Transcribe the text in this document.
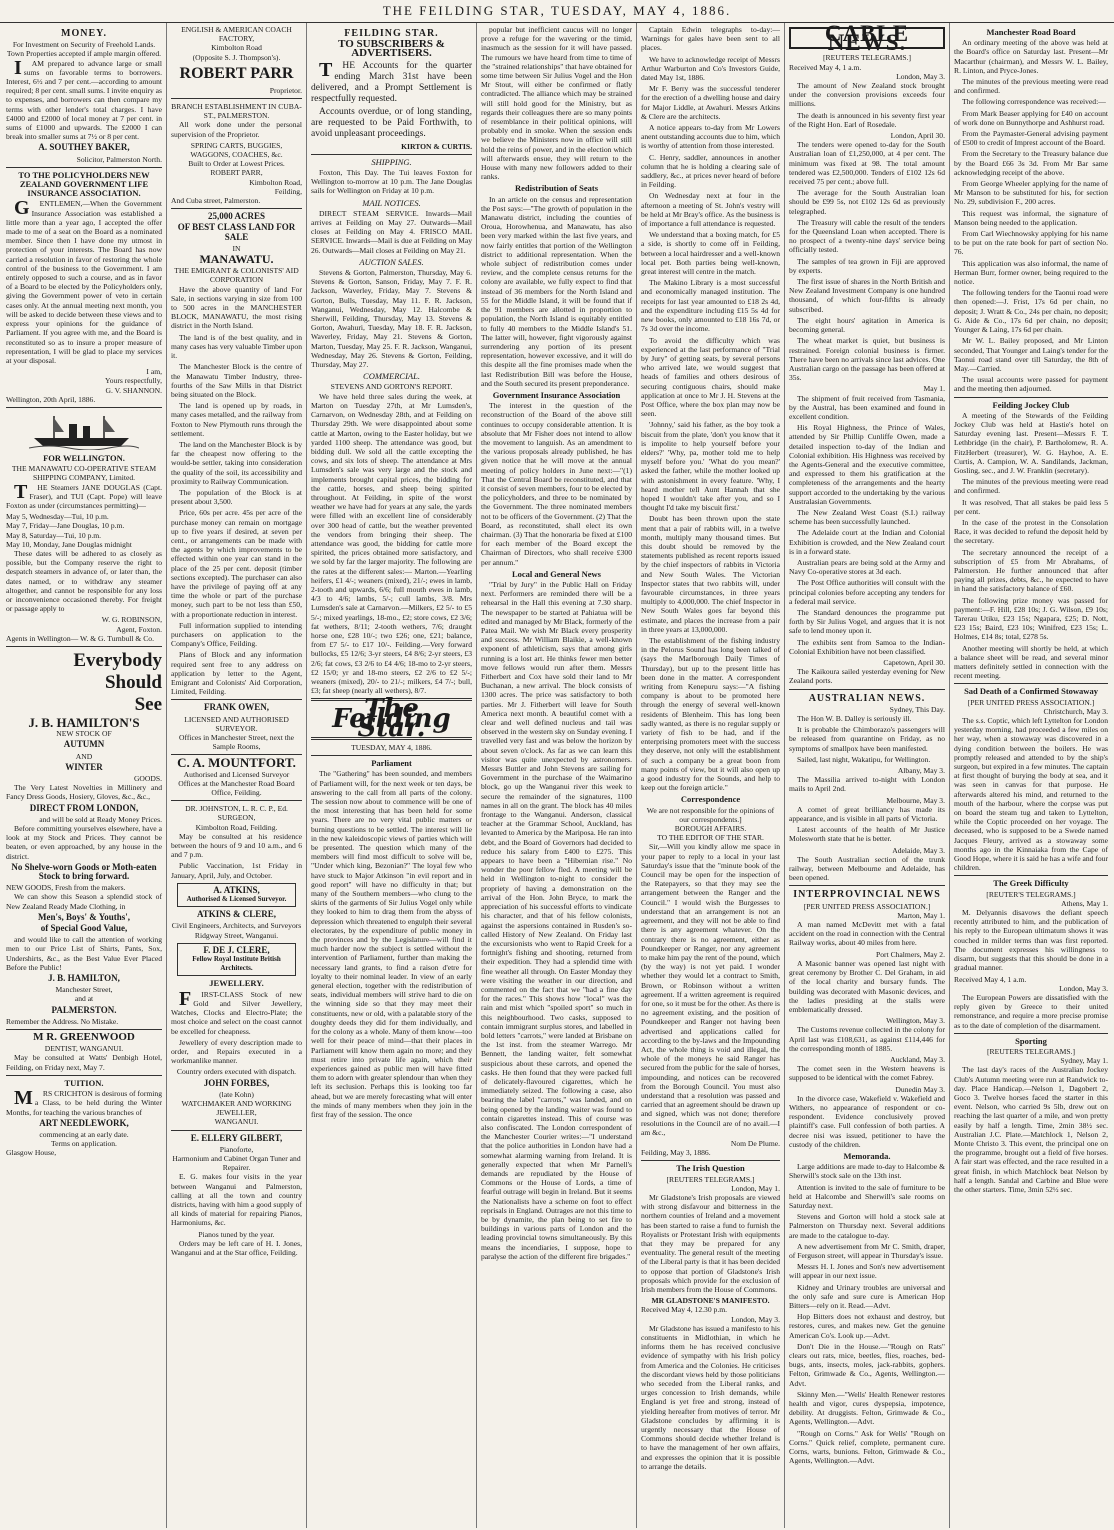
THE FEILDING STAR, TUESDAY, MAY 4, 1886.
MONEY.
For Investment on Security of Freehold Lands.
Town Properties accepted if ample margin offered.

I AM prepared to advance large or small sums on favorable terms to borrowers. Interest, 6½ and 7 per cent.—according to amount required; 8 per cent. small sums. I invite enquiry as to expenses, and borrowers can then compare my terms with other lender's total charges. I have £4000 and £2000 of local money at 7 per cent. in sums of £1000 and upwards. The £2000 I can break into smaller sums at 7½ or 8 per cent.

A. SOUTHEY BAKER,
Solicitor, Palmerston North.
TO THE POLICYHOLDERS NEW ZEALAND GOVERNMENT LIFE INSURANCE ASSOCIATION.

G ENTLEMEN,—When the Government Insurance Association was established a little more than a year ago, I accepted the offer made to me of a seat on the Board as a nominated member. Since then I have done my utmost in protection of your interests. The Board has now carried a resolution in favor of restoring the whole control of the business to the Government. I am entirely opposed to such a course, and as in favor of a Board to be elected by the Policyholders only, giving the Government power of veto in certain cases only. At the annual meeting next month, you will be asked to decide between these views and to express your opinions for the guidance of Parliament. If you agree with me, and the Board is reconstituted so as to insure a proper measure of representation, I will be glad to place my services at your disposal.

I am,
Yours respectfully,
G. V. SHANNON.
Wellington, 20th April, 1886.
FOR WELLINGTON.
THE MANAWATU CO-OPERATIVE STEAM SHIPPING COMPANY, Limited.

T HE Steamers JANE DOUGLAS (Capt. Fraser), and TUI (Capt. Pope) will leave Foxton as under (circumstances permitting)—

May 5, Wednesday—Tui, 10 p.m.
May 7, Friday—Jane Douglas, 10 p.m.
May 8, Saturday—Tui, 10 p.m.
May 10, Monday, Jane Douglas midnight

These dates will be adhered to as closely as possible, but the Company reserve the right to despatch steamers in advance of, or later than, the dates named, or to withdraw any steamer altogether, and cannot be responsible for any loss or inconvenience occasioned thereby. For freight or passage apply to

W. G. ROBINSON,
Agent, Foxton.
Agents in Wellington— W. & G. Turnbull & Co.
Everybody
Should
See
J. B. HAMILTON'S
NEW STOCK OF
AUTUMN
AND
WINTER
GOODS.

The Very Latest Novelties in Millinery and Fancy Dress Goods, Hosiery, Gloves, &c., &c.,

DIRECT FROM LONDON,
and will be sold at Ready Money Prices.

Before committing yourselves elsewhere, have a look at my Stock and Prices. They cannot be beaten, or even approached, by any house in the district.

No Shelve-worn Goods or Moth-eaten Stock to bring forward.
NEW GOODS, Fresh from the makers.

We can show this Season a splendid stock of New Zealand Ready Made Clothing, in

Men's, Boys' & Youths',
of Special Good Value,

and would like to call the attention of working men to our Price List of Shirts, Pants, Sox, Undershirts, &c., as the Best Value Ever Placed Before the Public!

J. B. HAMILTON,
Manchester Street,
and at
PALMERSTON.
Remember the Address. No Mistake.
M R. GREENWOOD
DENTIST, WANGANUI.

May be consulted at Watts' Denbigh Hotel, Feilding, on Friday next, May 7.

TUITION.

M RS CRICHTON is desirous of forming a Class, to be held during the Winter Months, for teaching the various branches of

ART NEEDLEWORK,
commencing at an early date.
Terms on application.
Glasgow House,
ENGLISH & AMERICAN COACH FACTORY,
Kimbolton Road
(Opposite S. J. Thompson's).
ROBERT PARR
Proprietor.
BRANCH ESTABLISHMENT IN CUBA-ST., PALMERSTON.

All work done under the personal supervision of the Proprietor.

SPRING CARTS, BUGGIES, WAGGONS, COACHES, &c.
Built to Order at Lowest Prices.
ROBERT PARR,
Kimbolton Road,
Feilding,
And Cuba street, Palmerston.
25,000 ACRES
OF BEST CLASS LAND FOR SALE
IN
MANAWATU.
THE EMIGRANT & COLONISTS' AID CORPORATION

Have the above quantity of land For Sale, in sections varying in size from 100 to 500 acres in the MANCHESTER BLOCK, MANAWATU, the most rising district in the North Island.

The land is of the best quality, and in many cases has very valuable Timber upon it.

The Manchester Block is the centre of the Manawatu Timber Industry, three-fourths of the Saw Mills in that District being situated on the Block.

The land is opened up by roads, in many cases metalled, and the railway from Foxton to New Plymouth runs through the settlement.

The land on the Manchester Block is by far the cheapest now offering to the would-be settler, taking into consideration the quality of the soil, its accessibility and proximity to Railway Communication.

The population of the Block is at present about 3,500.

Price, 60s per acre. 45s per acre of the purchase money can remain on mortgage up to five years if desired, at seven per cent., or arrangements can be made with the agents by which improvements to be effected within one year can stand in the place of the 25 per cent. deposit (timber sections excepted). The purchaser can also have the privilege of paying off at any time the whole or part of the purchase money, such part to be not less than £50, with a proportionate reduction in interest.

Full information supplied to intending purchasers on application to the Company's Office, Feilding.

Plans of Block and any information required sent free to any address on application by letter to the Agent, Emigrant and Colonists' Aid Corporation, Limited, Feilding.

FRANK OWEN,
LICENSED AND AUTHORISED SURVEYOR.
Offices in Manchester Street, next the Sample Rooms,
C. A. MOUNTFORT.
Authorised and Licensed Surveyor
Offices at the Manchester Road Board Office, Feilding.
DR. JOHNSTON, L. R. C. P., Ed. SURGEON,
Kimbolton Road, Feilding.

May be consulted at his residence between the hours of 9 and 10 a.m., and 6 and 7 p.m.

Public Vaccination, 1st Friday in January, April, July, and October.

A. ATKINS,
Authorised & Licensed Surveyor.
ATKINS & CLERE,
Civil Engineers, Architects, and Surveyors
Ridgway Street, Wanganui.
F. DE J. CLERE,
Fellow Royal Institute British Architects.
JEWELLERY.

F IRST-CLASS Stock of new Gold and Silver Jewellery, Watches, Clocks and Electro-Plate; the most choice and select on the coast cannot be excelled for cheapness.

Jewellery of every description made to order, and Repairs executed in a workmanlike manner.

Country orders executed with dispatch.
JOHN FORBES,
(late Kohn)
WATCHMAKER AND WORKING JEWELLER,
WANGANUI.
E. ELLERY GILBERT,
Pianoforte,
Harmonium and Cabinet Organ Tuner and Repairer.

E. G. makes four visits in the year between Wanganui and Palmerston, calling at all the town and country districts, having with him a good supply of all kinds of material for repairing Pianos, Harmoniums, &c.

Pianos tuned by the year.

Orders may be left care of H. I. Jones, Wanganui and at the Star office, Feilding.

FEILDING STAR.
TO SUBSCRIBERS & ADVERTISERS.

T HE Accounts for the quarter ending March 31st have been delivered, and a Prompt Settlement is respectfully requested.

Accounts overdue, or of long standing, are requested to be Paid Forthwith, to avoid unpleasant proceedings.

KIRTON & CURTIS.
SHIPPING.

Foxton, This Day. The Tui leaves Foxton for Wellington to-morrow at 10 p.m. The Jane Douglas sails for Wellington on Friday at 10 p.m.

MAIL NOTICES.

DIRECT STEAM SERVICE. Inwards—Mail arrives at Feilding on May 27. Outwards—Mail closes at Feilding on May 4. FRISCO MAIL SERVICE. Inwards—Mail is due at Feilding on May 26. Outwards—Mail closes at Feilding on May 21.

AUCTION SALES.

Stevens & Gorton, Palmerston, Thursday, May 6. Stevens & Gorton, Sanson, Friday, May 7. F. R. Jackson, Waverley, Friday, May 7. Stevens & Gorton, Bulls, Tuesday, May 11. F. R. Jackson, Wanganui, Wednesday, May 12. Halcombe & Sherwill, Feilding, Thursday, May 13. Stevens & Gorton, Awahuri, Tuesday, May 18. F. R. Jackson, Waverley, Friday, May 21. Stevens & Gorton, Marton, Tuesday, May 25. F. R. Jackson, Wanganui, Wednesday, May 26. Stevens & Gorton, Feilding, Thursday, May 27.

COMMERCIAL.
STEVENS AND GORTON'S REPORT.

We have held three sales during the week, at Marton on Tuesday 27th, at Mr Lumsden's, Carnarvon, on Wednesday 28th, and at Feilding on Thursday 29th. We were disappointed about some cattle at Marton, owing to the Easter holiday, but we yarded 1100 sheep. The attendance was good, but bidding dull. We sold all the cattle excepting the cows, and six lots of sheep. The attendance at Mrs Lumsden's sale was very large and the stock and implements brought capital prices, the bidding for the cattle, horses, and sheep being spirited throughout. At Feilding, in spite of the worst weather we have had for years at any sale, the yards were filled with an excellent line of considerably over 300 head of cattle, but the weather prevented the vendors from bringing their sheep. The attendance was good, the bidding for cattle more spirited, the prices obtained more satisfactory, and we sold by far the larger majority. The following are the rates at the different sales:— Marton.—Yearling heifers, £1 4/-; weaners (mixed), 21/-; ewes in lamb, 2-tooth and upwards, 6/6; full mouth ewes in lamb, 4/3 to 4/6; lambs, 5/-; cull lambs, 3/8. Mrs Lumsden's sale at Carnarvon.—Milkers, £2 5/- to £5 5/-; mixed yearlings, 18-mo., £2; store cows, £2 3/6; fat wethers, 8/11; 2-tooth wethers, 7/6; draught horse one, £28 10/-; two £26; one, £21; balance, from £7 5/- to £17 10/-. Feilding.—Very forward bullocks, £5 12/6; 3-yr steers, £4 8/6; 2-yr steers, £3 2/6; fat cows, £3 2/6 to £4 4/6; 18-mo to 2-yr steers, £2 15/0; yr and 18-mo steers, £2 2/6 to £2 5/-; weaners (mixed), 20/- to 21/-; milkers, £4 7/-; bull, £3; fat sheep (nearly all wethers), 8/7.

The Feilding Star.
TUESDAY, MAY 4, 1886.
Parliament

The "Gathering" has been sounded, and members of Parliament will, for the next week or ten days, be answering to the call from all parts of the colony. The session now about to commence will be one of the most interesting that has been held for some years. There are no very vital public matters or burning questions to be settled. The interest will lie in the new kaleidoscopic views of parties which will be presented. The question which many of the members will find most difficult to solve will be, "Under which king, Bezonian?" The loyal few who have stuck to Major Atkinson "in evil report and in good report" will have no difficulty in that; but many of the Southern members—who clung to the skirts of the garments of Sir Julius Vogel only while they looked to him to drag them from the abyss of depression which threatened to engulph their several electorates, by the expenditure of public money in the provinces and by the Legislature—will find it much harder now the subject is settled without the intervention of Parliament, further than making the necessary land grants, to find a raison d'etre for loyalty to their nominal leader. In view of an early general election, together with the redistribution of seats, individual members will strive hard to die on the winning side so that they may meet their constituents, new or old, with a palatable story of the doughty deeds they did for them individually, and for the colony as a whole. Many of them know—too well for their peace of mind—that their places in Parliament will know them again no more; and they must retire into private life again, which their experiences gained as public men will have fitted them to adorn with greater splendour than when they left its seclusion. Perhaps this is looking too far ahead, but we are merely forecasting what will enter the minds of many members when they join in the first fray of the session. The once

popular but inefficient caucus will no longer prove a refuge for the wavering or the timid, inasmuch as the session for it will have passed. The rumours we have heard from time to time of the "strained relationships" that have obtained for some time between Sir Julius Vogel and the Hon Mr Stout, will either be confirmed or flatly contradicted. The alliance which may be strained will still hold good for the Ministry, but as regards their colleagues there are so many points of resemblance in their political opinions, will probably end in smoke. When the session ends we believe the Ministers now in office will still hold the reins of power, and in the election which will afterwards ensue, they will return to the House with many new followers added to their ranks.

Redistribution of Seats

In an article on the census and representation the Post says:—"The growth of population in the Manawatu district, including the counties of Oroua, Horowhenua, and Manawatu, has also been very marked within the last five years, and now fairly entitles that portion of the Wellington district to additional representation. When the whole subject of redistribution comes under review, and the complete census returns for the colony are available, we fully expect to find that instead of 36 members for the North Island and 55 for the Middle Island, it will be found that if the 91 members are allotted in proportion to population, the North Island is equitably entitled to fully 40 members to the Middle Island's 51. The latter will, however, fight vigorously against surrendering any portion of its present representation, however excessive, and it will do this despite all the fine promises made when the last Redistribution Bill was before the House, and the South secured its present preponderance.

Government Insurance Association

The interest in the question of the reconstruction of the Board of the above still continues to occupy considerable attention. It is absolute that Mr Fisher does not intend to allow the movement to languish. As an amendment to the various proposals already published, he has given notice that he will move at the annual meeting of policy holders in June next:—"(1) That the Central Board be reconstituted, and that it consist of seven members, four to be elected by the policyholders, and three to be nominated by the Government. The three nominated members not to be officers of the Government. (2) That the Board, as reconstituted, shall elect its own chairman. (3) That the honoraria be fixed at £100 for each member of the Board except the Chairman of Directors, who shall receive £300 per annum."

Local and General News

"Trial by Jury" in the Public Hall on Friday next. Performers are reminded there will be a rehearsal in the Hall this evening at 7.30 sharp. The newspaper to be started at Pahiatua will be edited and managed by Mr Black, formerly of the Patea Mail. We wish Mr Black every prosperity and success. Mr William Blaikie, a well-known exponent of athleticism, says that among girls running is a lost art. He thinks fewer men better move fellows would run after them. Messrs Fitherbert and Cox have sold their land to Mr Buchanan, a new arrival. The block consists of 1300 acres. The price was satisfactory to both parties. Mr J. Fitherbert will leave for South America next month. A beautiful comet with a clear and well defined nucleus and tail was observed in the western sky on Sunday evening. I travelled very fast and was below the horizon by about seven o'clock. As far as we can learn this visitor was quite unexpected by astronomers. Messrs Buttler and John Stevens are sailing for Government in the purchase of the Waimarino block, go up the Wanganui river this week to secure the remainder of the signatures, 1100 names in all on the grant. The block has 40 miles frontage to the Wanganui. Anderson, classical teacher at the Grammar School, Auckland, has levanted to America by the Mariposa. He ran into debt, and the Board of Governors had decided to reduce his salary from £400 to £275. This appears to have been a "Hibernian rise." No wonder the poor fellow fled. A meeting will be held in Wellington to-night to consider the propriety of having a demonstration on the arrival of the Hon. John Bryce, to mark the appreciation of his successful efforts to vindicate his character, and that of his fellow colonists, against the aspersions contained in Rusden's so-called History of New Zealand. On Friday last the excursionists who went to Rapid Creek for a fortnight's fishing and shooting, returned from their expedition. They had a splendid time with fine weather all through. On Easter Monday they were visiting the weather in our direction, and commented on the fact that we "had a fine day for the races." This shows how "local" was the rain and mist which "spoiled sport" so much in this neighbourhood. Two casks, supposed to contain immigrant surplus stores, and labelled in bold letters "carrots," were landed at Brisbane on the 1st inst. from the steamer Warrego. Mr Bennett, the landing waiter, felt somewhat suspicious about these carrots, and opened the casks. He then found that they were packed full of delicately-flavoured cigarettes, which he immediately seized. The following a case, also bearing the label "carrots," was landed, and on being opened by the landing waiter was found to contain cigarettes instead. This of course was also confiscated. The London correspondent of the Manchester Courier writes:—"I understand that the police authorities in London have had a somewhat alarming warning from Ireland. It is generally expected that when Mr Parnell's demands are repudiated by the House of Commons or the House of Lords, a time of fearful outrage will begin in Ireland. But it seems the Nationalists have a scheme on foot to effect reprisals in England. Outrages are not this time to be by dynamite, the plan being to set fire to buildings in various parts of London and the leading provincial towns simultaneously. By this means the incendiaries, I suppose, hope to paralyse the action of the different fire brigades."

Captain Edwin telegraphs to-day:—Warnings for gales have been sent to all places.

We have to acknowledge receipt of Messrs Arthur Warburton and Co's Investors Guide, dated May 1st, 1886.

Mr F. Berry was the successful tenderer for the erection of a dwelling house and dairy for Major Liddle, at Awahuri. Messrs Atkins & Clere are the architects.

A notice appears to-day from Mr Lowers anent outstanding accounts due to him, which is worthy of attention from those interested.

C. Henry, saddler, announces in another column that he is holding a clearing sale of saddlery, &c., at prices never heard of before in Feilding.

On Wednesday next at four in the afternoon a meeting of St. John's vestry will be held at Mr Bray's office. As the business is of importance a full attendance is requested.

We understand that a boxing match, for £5 a side, is shortly to come off in Feilding, between a local hairdresser and a well-known local pet. Both parties being well-known, great interest will centre in the match.

The Makino Library is a most successful and economically managed institution. The receipts for last year amounted to £18 2s 4d, and the expenditure including £15 5s 4d for new books, only amounted to £18 16s 7d, or 7s 3d over the income.

To avoid the difficulty which was experienced at the last performance of "Trial by Jury" of getting seats, by several persons who arrived late, we would suggest that heads of families and others desirous of securing contiguous chairs, should make application at once to Mr J. H. Stevens at the Post Office, where the box plan may now be seen.

'Johnny,' said his father, as the boy took a biscuit from the plate, 'don't you know that it is impolite to help yourself before your elders?' 'Why, pa, mother told me to help myself before you.' 'What do you mean?' asked the father, while the mother looked up with astonishment in every feature. 'Why, I heard mother tell Aunt Hannah that she hoped I wouldn't take after you, and so I thought I'd take my biscuit first.'

Doubt has been thrown upon the state ment that a pair of rabbits will, in a twelve month, multiply many thousand times. But this doubt should be removed by the statements published as recent reports issued by the chief inspectors of rabbits in Victoria and New South Wales. The Victorian Inspector states that two rabbits will, under favourable circumstances, in three years multiply to 4,000,000. The chief Inspector in New South Wales goes far beyond this estimate, and places the increase from a pair in three years at 13,000,000.

The establishment of the fishing industry in the Pelorus Sound has long been talked of (says the Marlborough Daily Times of Thursday), but up to the present little has been done in the matter. A correspondent writing from Kenepuru says:—"A fishing company is about to be promoted here through the energy of several well-known residents of Blenheim. This has long been sadly wanted, as there is no regular supply or variety of fish to be had, and if the enterprising promoters meet with the success they deserve, not only will the establishment of such a company be a great boon from many points of view, but it will also open up a good industry for the Sounds, and help to keep out the foreign article."

Correspondence
We are not responsible for the opinions of our correspondents.]
BOROUGH AFFAIRS.
TO THE EDITOR OF THE STAR.

Sir,—Will you kindly allow me space in your paper to reply to a local in your last Saturday's issue that the "minute book of the Council may be open for the inspection of the Ratepayers, so that they may see the arrangement between the Ranger and the Council." I would wish the Burgesses to understand that an arrangement is not an agreement, and they will not be able to find there is any agreement whatever. On the contrary there is no agreement, either as Poundkeeper or Ranger, nor any agreement to make him pay the rent of the pound, which (by the way) is not yet paid. I wonder whether they would let a contract to Smith, Brown, or Robinson without a written agreement. If a written agreement is required for one, so it must be for the other. As there is no agreement existing, and the position of Poundkeeper and Ranger not having been advertised and applications called for according to the by-laws and the Impounding Act, the whole thing is void and illegal, the whole of the moneys he said Ranger has secured from the public for the sale of horses, impounding, and notices can be recovered from the Borough Council. You must also understand that a resolution was passed and carried that an agreement should be drawn up and signed, which was not done; therefore resolutions in the Council are of no avail.—I am &c.,

Nom De Plume.
Feilding, May 3, 1886.
The Irish Question
[REUTERS TELEGRAMS.]
London, May 1.

Mr Gladstone's Irish proposals are viewed with strong disfavour and bitterness in the northern counties of Ireland and a movement has been started to raise a fund to furnish the Royalists or Protestant Irish with equipments that they may be prepared for any eventuality. The general result of the meeting of the Liberal party is that it has been decided to oppose that portion of Gladstone's Irish proposals which provide for the exclusion of Irish members from the House of Commons.

MR GLADSTONE'S MANIFESTO.
Received May 4, 12.30 p.m.
London, May 3.

Mr Gladstone has issued a manifesto to his constituents in Midlothian, in which he informs them he has received conclusive evidence of sympathy with his Irish policy from America and the Colonies. He criticises the discordant views held by those politicians who seceded from the Liberal ranks, and urges concession to Irish demands, while England is yet free and strong, instead of yielding hereafter from motives of terror. Mr Gladstone concludes by affirming it is urgently necessary that the House of Commons should decide whether Ireland is to have the management of her own affairs, and expresses the opinion that it is possible to arrange the details.

CABLE NEWS.
[REUTERS TELEGRAMS.]
Received May 4, 1 a.m.
London, May 3.

The amount of New Zealand stock brought under the conversion provisions exceeds four millions.

The death is announced in his seventy first year of the Right Hon. Earl of Rosedale.

London, April 30.

The tenders were opened to-day for the South Australian loan of £1,250,000, at 4 per cent. The minimum was fixed at 98. The total amount tendered was £2,500,000. Tenders of £102 12s 6d received 75 per cent.; above full.

The average for the South Australian loan should be £99 5s, not £102 12s 6d as previously telegraphed.

The Treasury will cable the result of the tenders for the Queensland Loan when accepted. There is no prospect of a twenty-nine days' service being officially tested.

The samples of tea grown in Fiji are approved by experts.

The first issue of shares in the North British and New Zealand Investment Company is one hundred thousand, of which four-fifths is already subscribed.

The eight hours' agitation in America is becoming general.

The wheat market is quiet, but business is restrained. Foreign colonial business is firmer. There have been no arrivals since last advices. One Australian cargo on the passage has been offered at 35s.

May 1.

The shipment of fruit received from Tasmania, by the Austral, has been examined and found in excellent condition.

His Royal Highness, the Prince of Wales, attended by Sir Phillip Cunliffe Owen, made a detailed inspection to-day of the Indian and Colonial exhibition. His Highness was received by the Agents-General and the executive committee, and expressed to them his gratification at the completeness of the arrangements and the hearty support accorded to the undertaking by the various Australasian Governments.

The New Zealand West Coast (S.I.) railway scheme has been successfully launched.

The Adelaide court at the Indian and Colonial Exhibition is crowded, and the New Zealand court is in a forward state.

Australian pears are being sold at the Army and Navy Co-operative stores at 3d each.

The Post Office authorities will consult with the principal colonies before accepting any tenders for a federal mail service.

The Standard denounces the programme put forth by Sir Julius Vogel, and argues that it is not safe to lend money upon it.

The exhibits sent from Samoa to the Indian-Colonial Exhibition have not been classified.

Capetown, April 30.

The Kaikoura sailed yesterday evening for New Zealand ports.

AUSTRALIAN NEWS.
Sydney, This Day.

The Hon W. B. Dalley is seriously ill.

It is probable the Chimborazo's passengers will be released from quarantine on Friday, as no symptoms of smallpox have been manifested.

Sailed, last night, Wakatipu, for Wellington.

Albany, May 3.

The Massilia arrived to-night with London mails to April 2nd.

Melbourne, May 3.

A comet of great brilliancy has made its appearance, and is visible in all parts of Victoria.

Latest accounts of the health of Mr Justice Molesworth state that he is better.

Adelaide, May 3.

The South Australian section of the trunk railway, between Melbourne and Adelaide, has been opened.

INTERPROVINCIAL NEWS
[PER UNITED PRESS ASSOCIATION.]
Marton, May 1.

A man named McDevitt met with a fatal accident on the road in connection with the Central Railway works, about 40 miles from here.

Port Chalmers, May 2.

A Masonic banner was opened last night with great ceremony by Brother C. Del Graham, in aid of the local charity and bursary funds. The building was decorated with Masonic devices, and the ladies presiding at the stalls were emblematically dressed.

Wellington, May 3.

The Customs revenue collected in the colony for April last was £108,631, as against £114,446 for the corresponding month of 1885.

Auckland, May 3.

The comet seen in the Western heavens is supposed to be identical with the comet Fabrey.

Dunedin May 3.

In the divorce case, Wakefield v. Wakefield and Withers, no appearance of respondent or co-respondent. Evidence conclusively proved plaintiff's case. Full confession of both parties. A decree nisi was issued, petitioner to have the custody of the children.

Memoranda.

Large additions are made to-day to Halcombe & Sherwill's stock sale on the 13th inst.

Attention is invited to the sale of furniture to be held at Halcombe and Sherwill's sale rooms on Saturday next.

Stevens and Gorton will hold a stock sale at Palmerston on Thursday next. Several additions are made to the catalogue to-day.

A new advertisement from Mr C. Smith, draper, of Ferguson street, will appear in Thursday's issue.

Messrs H. I. Jones and Son's new advertisement will appear in our next issue.

Kidney and Urinary troubles are universal and the only safe and sure cure is American Hop Bitters—rely on it. Read.—Advt.

Hop Bitters does not exhaust and destroy, but restores, cures, and makes new. Get the genuine American Co's. Look up.—Advt.

Don't Die in the House.—"Rough on Rats" clears out rats, mice, beetles, flies, roaches, bed-bugs, ants, insects, moles, jack-rabbits, gophers. Felton, Grimwade & Co., Agents, Wellington.—Advt.

Skinny Men.—"Wells' Health Renewer restores health and vigor, cures dyspepsia, impotence, debility. At druggists. Felton, Grimwade & Co., Agents, Wellington.—Advt.

"Rough on Corns." Ask for Wells' "Rough on Corns." Quick relief, complete, permanent cure. Corns, warts, bunions. Felton, Grimwade & Co., Agents, Wellington.—Advt.

Manchester Road Board

An ordinary meeting of the above was held at the Board's office on Saturday last. Present—Mr Macarthur (chairman), and Messrs W. L. Bailey, R. Linton, and Pryce-Jones.

The minutes of the previous meeting were read and confirmed.

The following correspondence was received:—

From Mark Beaser applying for £40 on account of work done on Bunnythorpe and Ashhurst road.

From the Paymaster-General advising payment of £500 to credit of Imprest account of the Board.

From the Secretary to the Treasury balance due by the Board £66 3s 3d. From Mr Bar same acknowledging receipt of the above.

From George Wheeler applying for the name of Mr Manson to be substituted for his, for section No. 29, subdivision F., 200 acres.

This request was informal, the signature of Manson being needed to the application.

From Carl Wiechnowsky applying for his name to be put on the rate book for part of section No. 76.

This application was also informal, the name of Herman Burr, former owner, being required to the notice.

The following tenders for the Taonui road were then opened:—J. Frist, 17s 6d per chain, no deposit; J. Wratt & Co., 24s per chain, no deposit; G. Aide & Co., 17s 6d per chain, no deposit; Younger & Laing, 17s 6d per chain.

Mr W. L. Bailey proposed, and Mr Linton seconded, That Younger and Laing's tender for the Taonui road stand over till Saturday, the 8th of May.—Carried.

The usual accounts were passed for payment and the meeting then adjourned.

Feilding Jockey Club

A meeting of the Stewards of the Feilding Jockey Club was held at Hastie's hotel on Saturday evening last. Present—Messrs F. T. Lethbridge (in the chair), P. Bartholomew, R. A. FitzHerbert (treasurer), W. G. Hayhoe, A. E. Curtis, A. Campion, W. A. Sandilands, Jackman, Gosling, sec., and J. W. Franklin (secretary).

The minutes of the previous meeting were read and confirmed.

It was resolved, That all stakes be paid less 5 per cent.

In the case of the protest in the Consolation Race, it was decided to refund the deposit held by the secretary.

The secretary announced the receipt of a subscription of £5 from Mr Abrahams, of Palmerston. He further announced that after paying all prizes, debts, &c., he expected to have in hand the satisfactory balance of £60.

The following prize money was passed for payment:—F. Hill, £28 10s; J. G. Wilson, £9 10s; Tarerau Utiku, £23 15s; Ngapara, £25; D. Nott, £23 15s; Baird, £23 10s; Winifred, £23 15s; L. Holmes, £14 8s; total, £278 5s.

Another meeting will shortly be held, at which a balance sheet will be read, and several minor matters definitely settled in connection with the recent meeting.

Sad Death of a Confirmed Stowaway
[PER UNITED PRESS ASSOCIATION.]
Christchurch, May 3.

The s.s. Coptic, which left Lyttelton for London yesterday morning, had proceeded a few miles on her way, when a stowaway was discovered in a dying condition between the boilers. He was promptly released and attended to by the ship's surgeon, but expired in a few minutes. The captain at first thought of burying the body at sea, and it was seen in canvas for that purpose. He afterwards altered his mind, and returned to the mouth of the harbour, where the corpse was put on board the steam tug and taken to Lyttelton, while the Coptic proceeded on her voyage. The deceased, who is supposed to be a Swede named Jacques Fleury, arrived as a stowaway some months ago in the Kinnaiaka from the Cape of Good Hope, where it is said he has a wife and four children.

The Greek Difficulty
[REUTER'S TELEGRAMS.]
Athens, May 1.

M. Delyannis disavows the defiant speech recently attributed to him, and the publication of his reply to the European ultimatum shows it was couched in milder terms than was first reported. The document expresses his willingness to disarm, but suggests that this should be done in a gradual manner.

Received May 4, 1 a.m.
London, May 3.

The European Powers are dissatisfied with the reply given by Greece to their united remonstrance, and require a more precise promise as to the date of completion of the disarmament.

Sporting
[REUTERS TELEGRAMS.]
Sydney, May 1.

The last day's races of the Australian Jockey Club's Autumn meeting were run at Randwick to-day. Place Handicap.—Nelson 1, Dagobert 2, Goco 3. Twelve horses faced the starter in this event. Nelson, who carried 9s 5lb, drew out on reaching the last quarter of a mile, and won pretty easily by half a length. Time, 2min 38½ sec. Australian J.C. Plate.—Matchlock 1, Nelson 2, Monte Christo 3. This event, the principal one on the programme, brought out a field of five horses. A fair start was effected, and the race resulted in a great finish, in which Matchlock beat Nelson by half a length. Sandal and Carbine and Blue were the other starters. Time, 3min 52½ sec.
